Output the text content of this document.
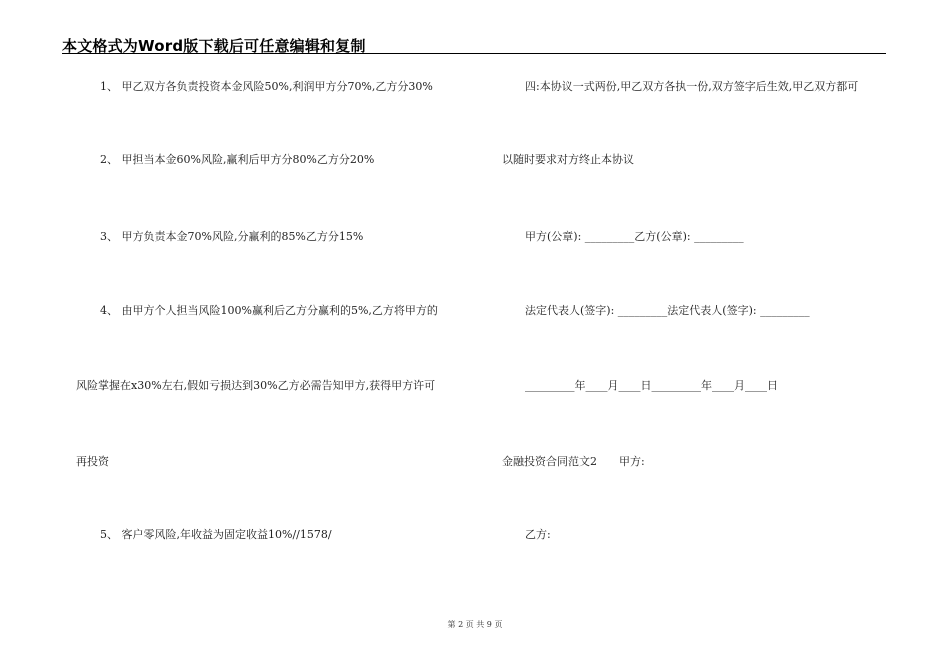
本文格式为Word版下载后可任意编辑和复制
1、 甲乙双方各负责投资本金风险50%,利润甲方分70%,乙方分30%
2、 甲担当本金60%风险,赢利后甲方分80%乙方分20%
3、 甲方负责本金70%风险,分赢利的85%乙方分15%
4、 由甲方个人担当风险100%赢利后乙方分赢利的5%,乙方将甲方的
风险掌握在x30%左右,假如亏损达到30%乙方必需告知甲方,获得甲方许可
再投资
5、 客户零风险,年收益为固定收益10%//1578/
四:本协议一式两份,甲乙双方各执一份,双方签字后生效,甲乙双方都可
以随时要求对方终止本协议
甲方(公章): _________乙方(公章): _________
法定代表人(签字): _________法定代表人(签字): _________
_________年____月____日_________年____月____日
金融投资合同范文2　　甲方:
乙方:
第 2 页 共 9 页
